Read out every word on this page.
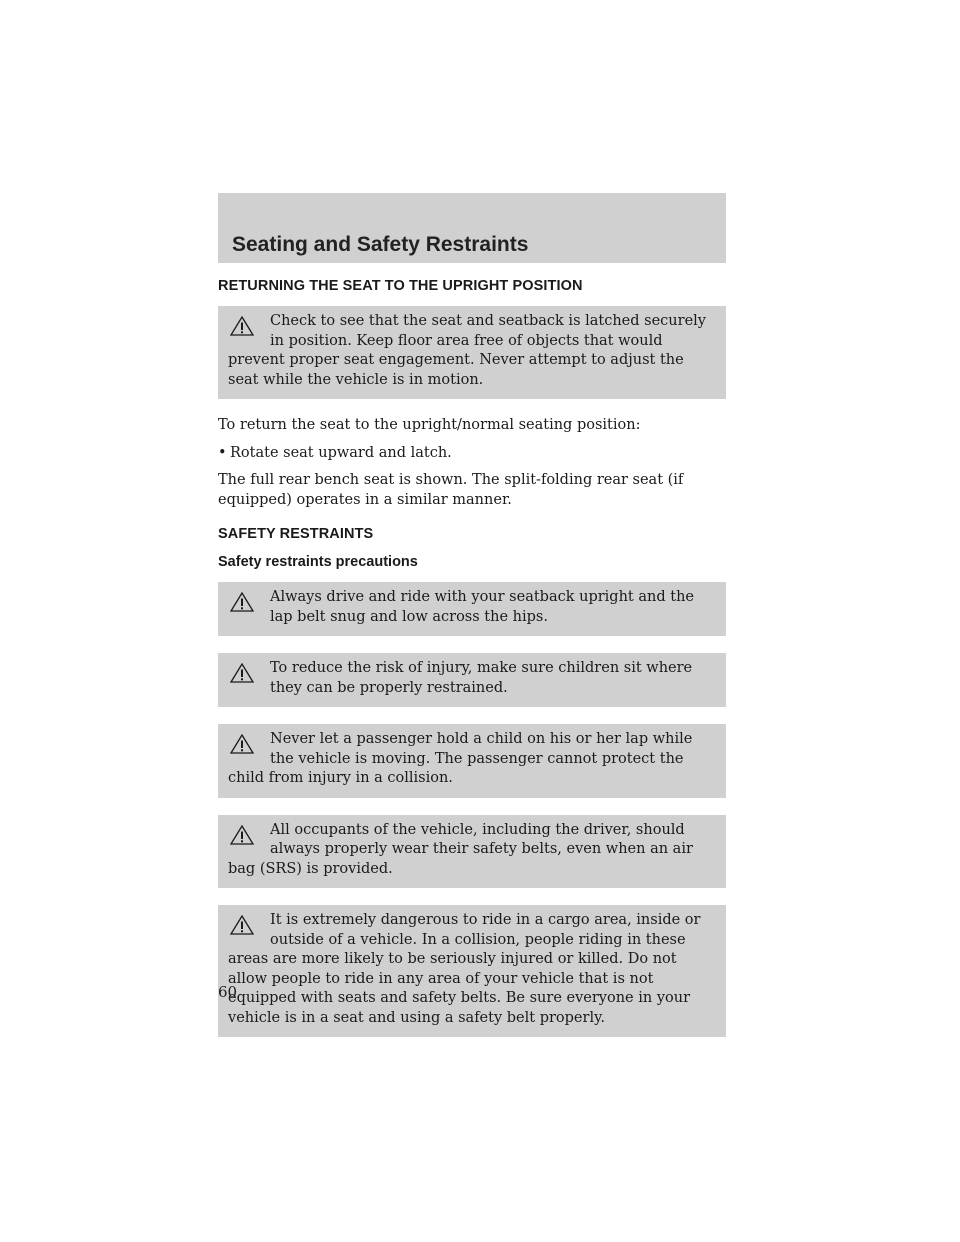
Seating and Safety Restraints
RETURNING THE SEAT TO THE UPRIGHT POSITION
Check to see that the seat and seatback is latched securely in position. Keep floor area free of objects that would prevent proper seat engagement. Never attempt to adjust the seat while the vehicle is in motion.

To return the seat to the upright/normal seating position:

• Rotate seat upward and latch.

The full rear bench seat is shown. The split-folding rear seat (if equipped) operates in a similar manner.

SAFETY RESTRAINTS
Safety restraints precautions
Always drive and ride with your seatback upright and the lap belt snug and low across the hips.
To reduce the risk of injury, make sure children sit where they can be properly restrained.
Never let a passenger hold a child on his or her lap while the vehicle is moving. The passenger cannot protect the child from injury in a collision.
All occupants of the vehicle, including the driver, should always properly wear their safety belts, even when an air bag (SRS) is provided.
It is extremely dangerous to ride in a cargo area, inside or outside of a vehicle. In a collision, people riding in these areas are more likely to be seriously injured or killed. Do not allow people to ride in any area of your vehicle that is not equipped with seats and safety belts. Be sure everyone in your vehicle is in a seat and using a safety belt properly.
60
